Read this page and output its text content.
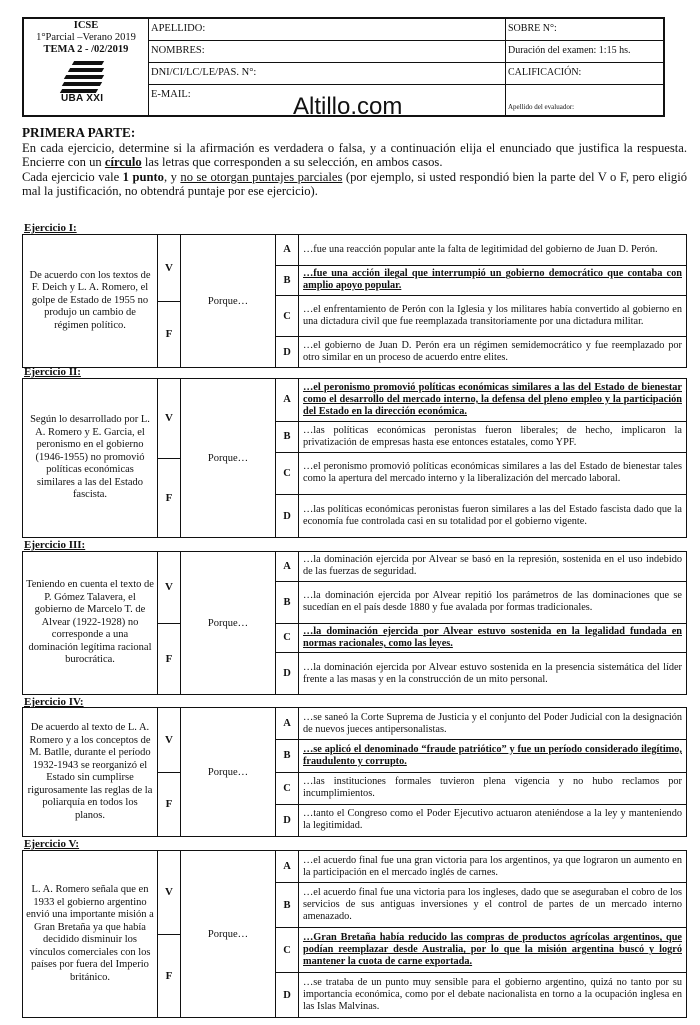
ICSE
1°Parcial –Verano 2019
TEMA 2 - /02/2019
UBA XXI
APELLIDO:
NOMBRES:
DNI/CI/LC/LE/PAS. N°:
E-MAIL:
SOBRE N°:
Duración del examen: 1:15 hs.
CALIFICACIÓN:
Apellido del evaluador:
Altillo.com
PRIMERA PARTE:
En cada ejercicio, determine si la afirmación es verdadera o falsa, y a continuación elija el enunciado que justifica la respuesta. Encierre con un círculo las letras que corresponden a su selección, en ambos casos.
Cada ejercicio vale 1 punto, y no se otorgan puntajes parciales (por ejemplo, si usted respondió bien la parte del V o F, pero eligió mal la justificación, no obtendrá puntaje por ese ejercicio).
Ejercicio I:
De acuerdo con los textos de F. Deich y L. A. Romero, el golpe de Estado de 1955 no produjo un cambio de régimen político.
V
F
Porque…
A	…fue una reacción popular ante la falta de legitimidad del gobierno de Juan D. Perón.
B
…fue una acción ilegal que interrumpió un gobierno democrático que contaba con amplio apoyo popular.
C
…el enfrentamiento de Perón con la Iglesia y los militares había convertido al gobierno en una dictadura civil que fue reemplazada transitoriamente por una dictadura militar.
D
…el gobierno de Juan D. Perón era un régimen semidemocrático y fue reemplazado por otro similar en un proceso de acuerdo entre elites.
Ejercicio II:
Según lo desarrollado por L. A. Romero y E. Garcia, el peronismo en el gobierno (1946-1955) no promovió políticas económicas similares a las del Estado fascista.
V
F
Porque…
A
…el peronismo promovió políticas económicas similares a las del Estado de bienestar como el desarrollo del mercado interno, la defensa del pleno empleo y la participación del Estado en la dirección económica.
B
…las políticas económicas peronistas fueron liberales; de hecho, implicaron la privatización de empresas hasta ese entonces estatales, como YPF.
C
…el peronismo promovió políticas económicas similares a las del Estado de bienestar tales como la apertura del mercado interno y la liberalización del mercado laboral.
D
…las políticas económicas peronistas fueron similares a las del Estado fascista dado que la economía fue controlada casi en su totalidad por el gobierno vigente.
Ejercicio III:
Teniendo en cuenta el texto de P. Gómez Talavera, el gobierno de Marcelo T. de Alvear (1922-1928) no corresponde a una dominación legítima racional burocrática.
V
F
Porque…
A
…la dominación ejercida por Alvear se basó en la represión, sostenida en el uso indebido de las fuerzas de seguridad.
B
…la dominación ejercida por Alvear repitió los parámetros de las dominaciones que se sucedían en el país desde 1880 y fue avalada por formas tradicionales.
C
…la dominación ejercida por Alvear estuvo sostenida en la legalidad fundada en normas racionales, como las leyes.
D
…la dominación ejercida por Alvear estuvo sostenida en la presencia sistemática del líder frente a las masas y en la construcción de un mito personal.
Ejercicio IV:
De acuerdo al texto de L. A. Romero y a los conceptos de M. Batlle, durante el período 1932-1943 se reorganizó el Estado sin cumplirse rigurosamente las reglas de la poliarquía en todos los planos.
V
F
Porque…
A
…se saneó la Corte Suprema de Justicia y el conjunto del Poder Judicial con la designación de nuevos jueces antipersonalistas.
B
…se aplicó el denominado “fraude patriótico” y fue un período considerado ilegítimo, fraudulento y corrupto.
C
…las instituciones formales tuvieron plena vigencia y no hubo reclamos por incumplimientos.
D
…tanto el Congreso como el Poder Ejecutivo actuaron ateniéndose a la ley y manteniendo la legitimidad.
Ejercicio V:
L. A. Romero señala que en 1933 el gobierno argentino envió una importante misión a Gran Bretaña ya que había decidido disminuir los vínculos comerciales con los países por fuera del Imperio británico.
V
F
Porque…
A
…el acuerdo final fue una gran victoria para los argentinos, ya que lograron un aumento en la participación en el mercado inglés de carnes.
B
…el acuerdo final fue una victoria para los ingleses, dado que se aseguraban el cobro de los servicios de sus antiguas inversiones y el control de partes de un mercado interno amenazado.
C
…Gran Bretaña había reducido las compras de productos agrícolas argentinos, que podían reemplazar desde Australia, por lo que la misión argentina buscó y logró mantener la cuota de carne exportada.
D
…se trataba de un punto muy sensible para el gobierno argentino, quizá no tanto por su importancia económica, como por el debate nacionalista en torno a la ocupación inglesa en las Islas Malvinas.
